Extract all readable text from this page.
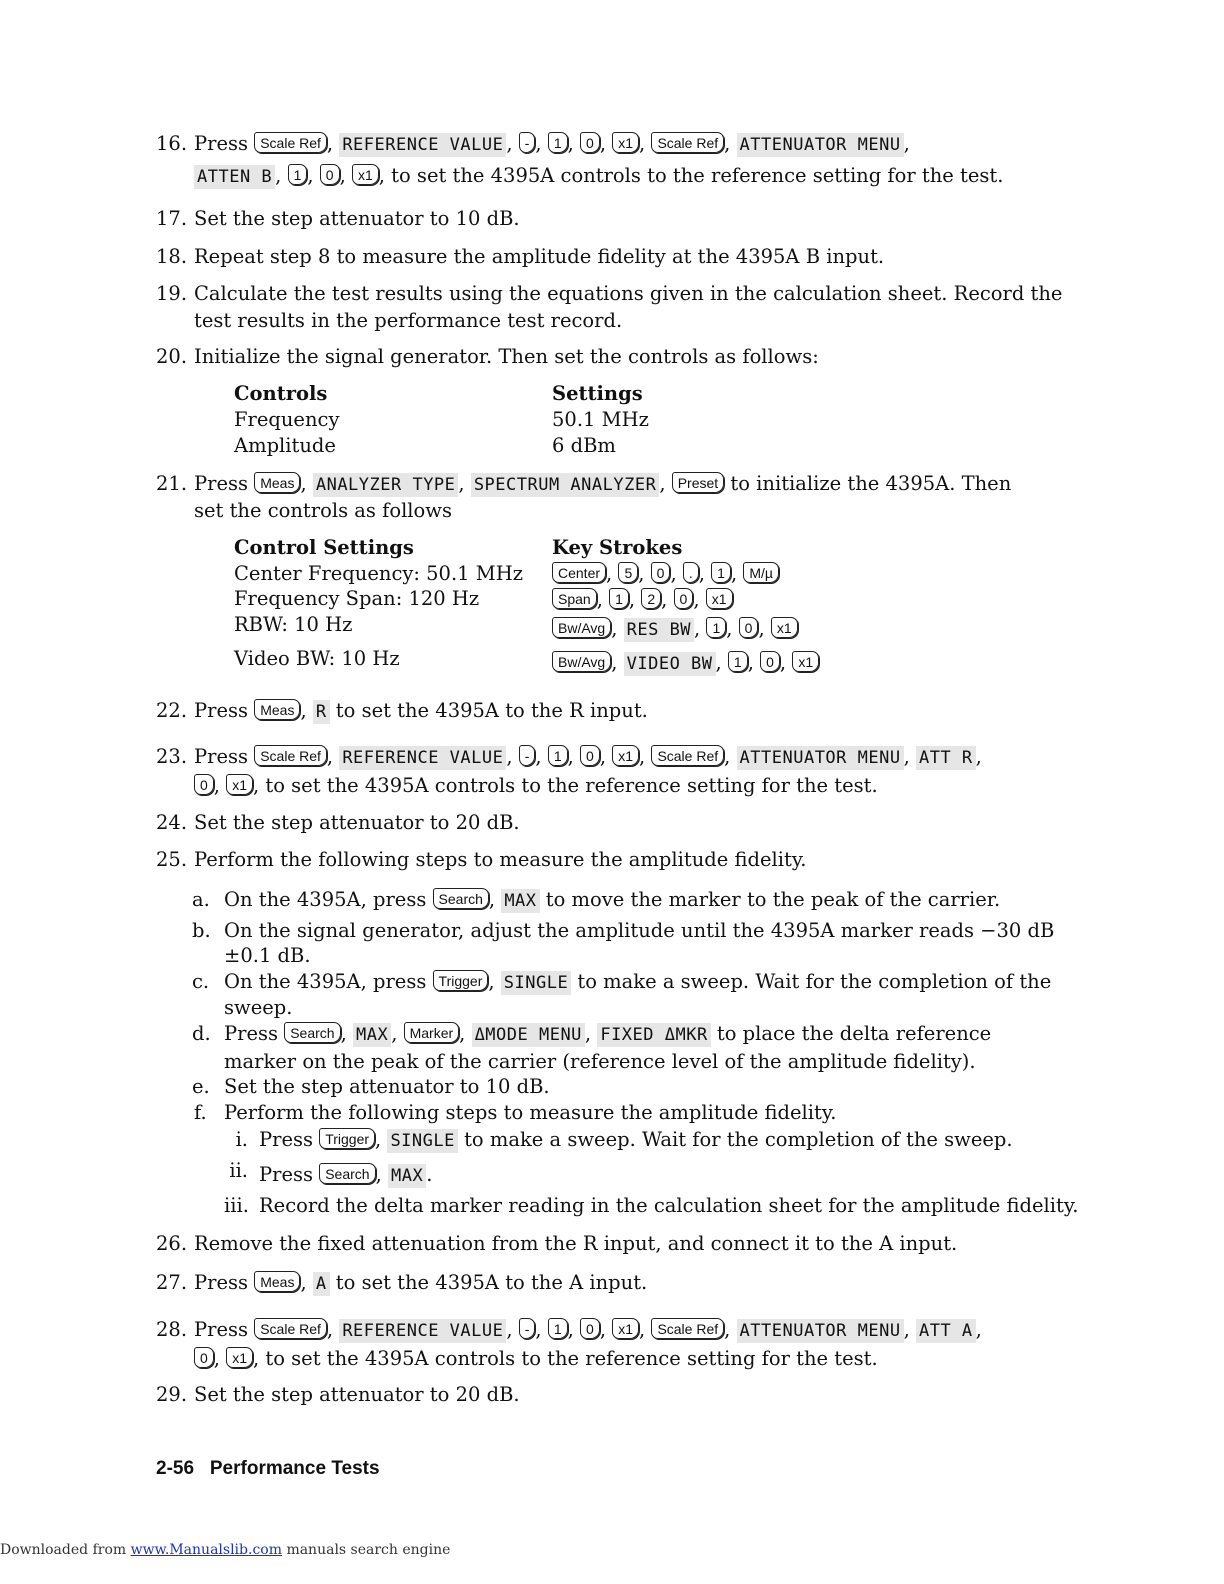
16. Press Scale Ref , REFERENCE VALUE , - , 1 , 0 , x1 , Scale Ref , ATTENUATOR MENU ,
ATTEN B , 1 , 0 , x1 , to set the 4395A controls to the reference setting for the test.
17. Set the step attenuator to 10 dB.
18. Repeat step 8 to measure the amplitude fidelity at the 4395A B input.
19. Calculate the test results using the equations given in the calculation sheet. Record the
test results in the performance test record.
20. Initialize the signal generator. Then set the controls as follows:
Controls	Settings
Frequency	50.1 MHz
Amplitude	6 dBm
21. Press Meas , ANALYZER TYPE , SPECTRUM ANALYZER , Preset to initialize the 4395A. Then
set the controls as follows
Control Settings	Key Strokes
Center Frequency: 50.1 MHz	Center , 5 , 0 , . , 1 , M/µ
Frequency Span: 120 Hz	Span , 1 , 2 , 0 , x1
RBW: 10 Hz	Bw/Avg , RES BW , 1 , 0 , x1
Video BW: 10 Hz	Bw/Avg , VIDEO BW , 1 , 0 , x1
22. Press Meas , R to set the 4395A to the R input.
23. Press Scale Ref , REFERENCE VALUE , - , 1 , 0 , x1 , Scale Ref , ATTENUATOR MENU , ATT R ,
0 , x1 , to set the 4395A controls to the reference setting for the test.
24. Set the step attenuator to 20 dB.
25. Perform the following steps to measure the amplitude fidelity.
a. On the 4395A, press Search , MAX to move the marker to the peak of the carrier.
b. On the signal generator, adjust the amplitude until the 4395A marker reads −30 dB
±0.1 dB.
c. On the 4395A, press Trigger , SINGLE to make a sweep. Wait for the completion of the
sweep.
d. Press Search , MAX , Marker , ΔMODE MENU , FIXED ΔMKR to place the delta reference
marker on the peak of the carrier (reference level of the amplitude fidelity).
e. Set the step attenuator to 10 dB.
f. Perform the following steps to measure the amplitude fidelity.
i. Press Trigger , SINGLE to make a sweep. Wait for the completion of the sweep.
ii. Press Search , MAX .
iii. Record the delta marker reading in the calculation sheet for the amplitude fidelity.
26. Remove the fixed attenuation from the R input, and connect it to the A input.
27. Press Meas , A to set the 4395A to the A input.
28. Press Scale Ref , REFERENCE VALUE , - , 1 , 0 , x1 , Scale Ref , ATTENUATOR MENU , ATT A ,
0 , x1 , to set the 4395A controls to the reference setting for the test.
29. Set the step attenuator to 20 dB.
2-56 Performance Tests
Downloaded from www.Manualslib.com manuals search engine
